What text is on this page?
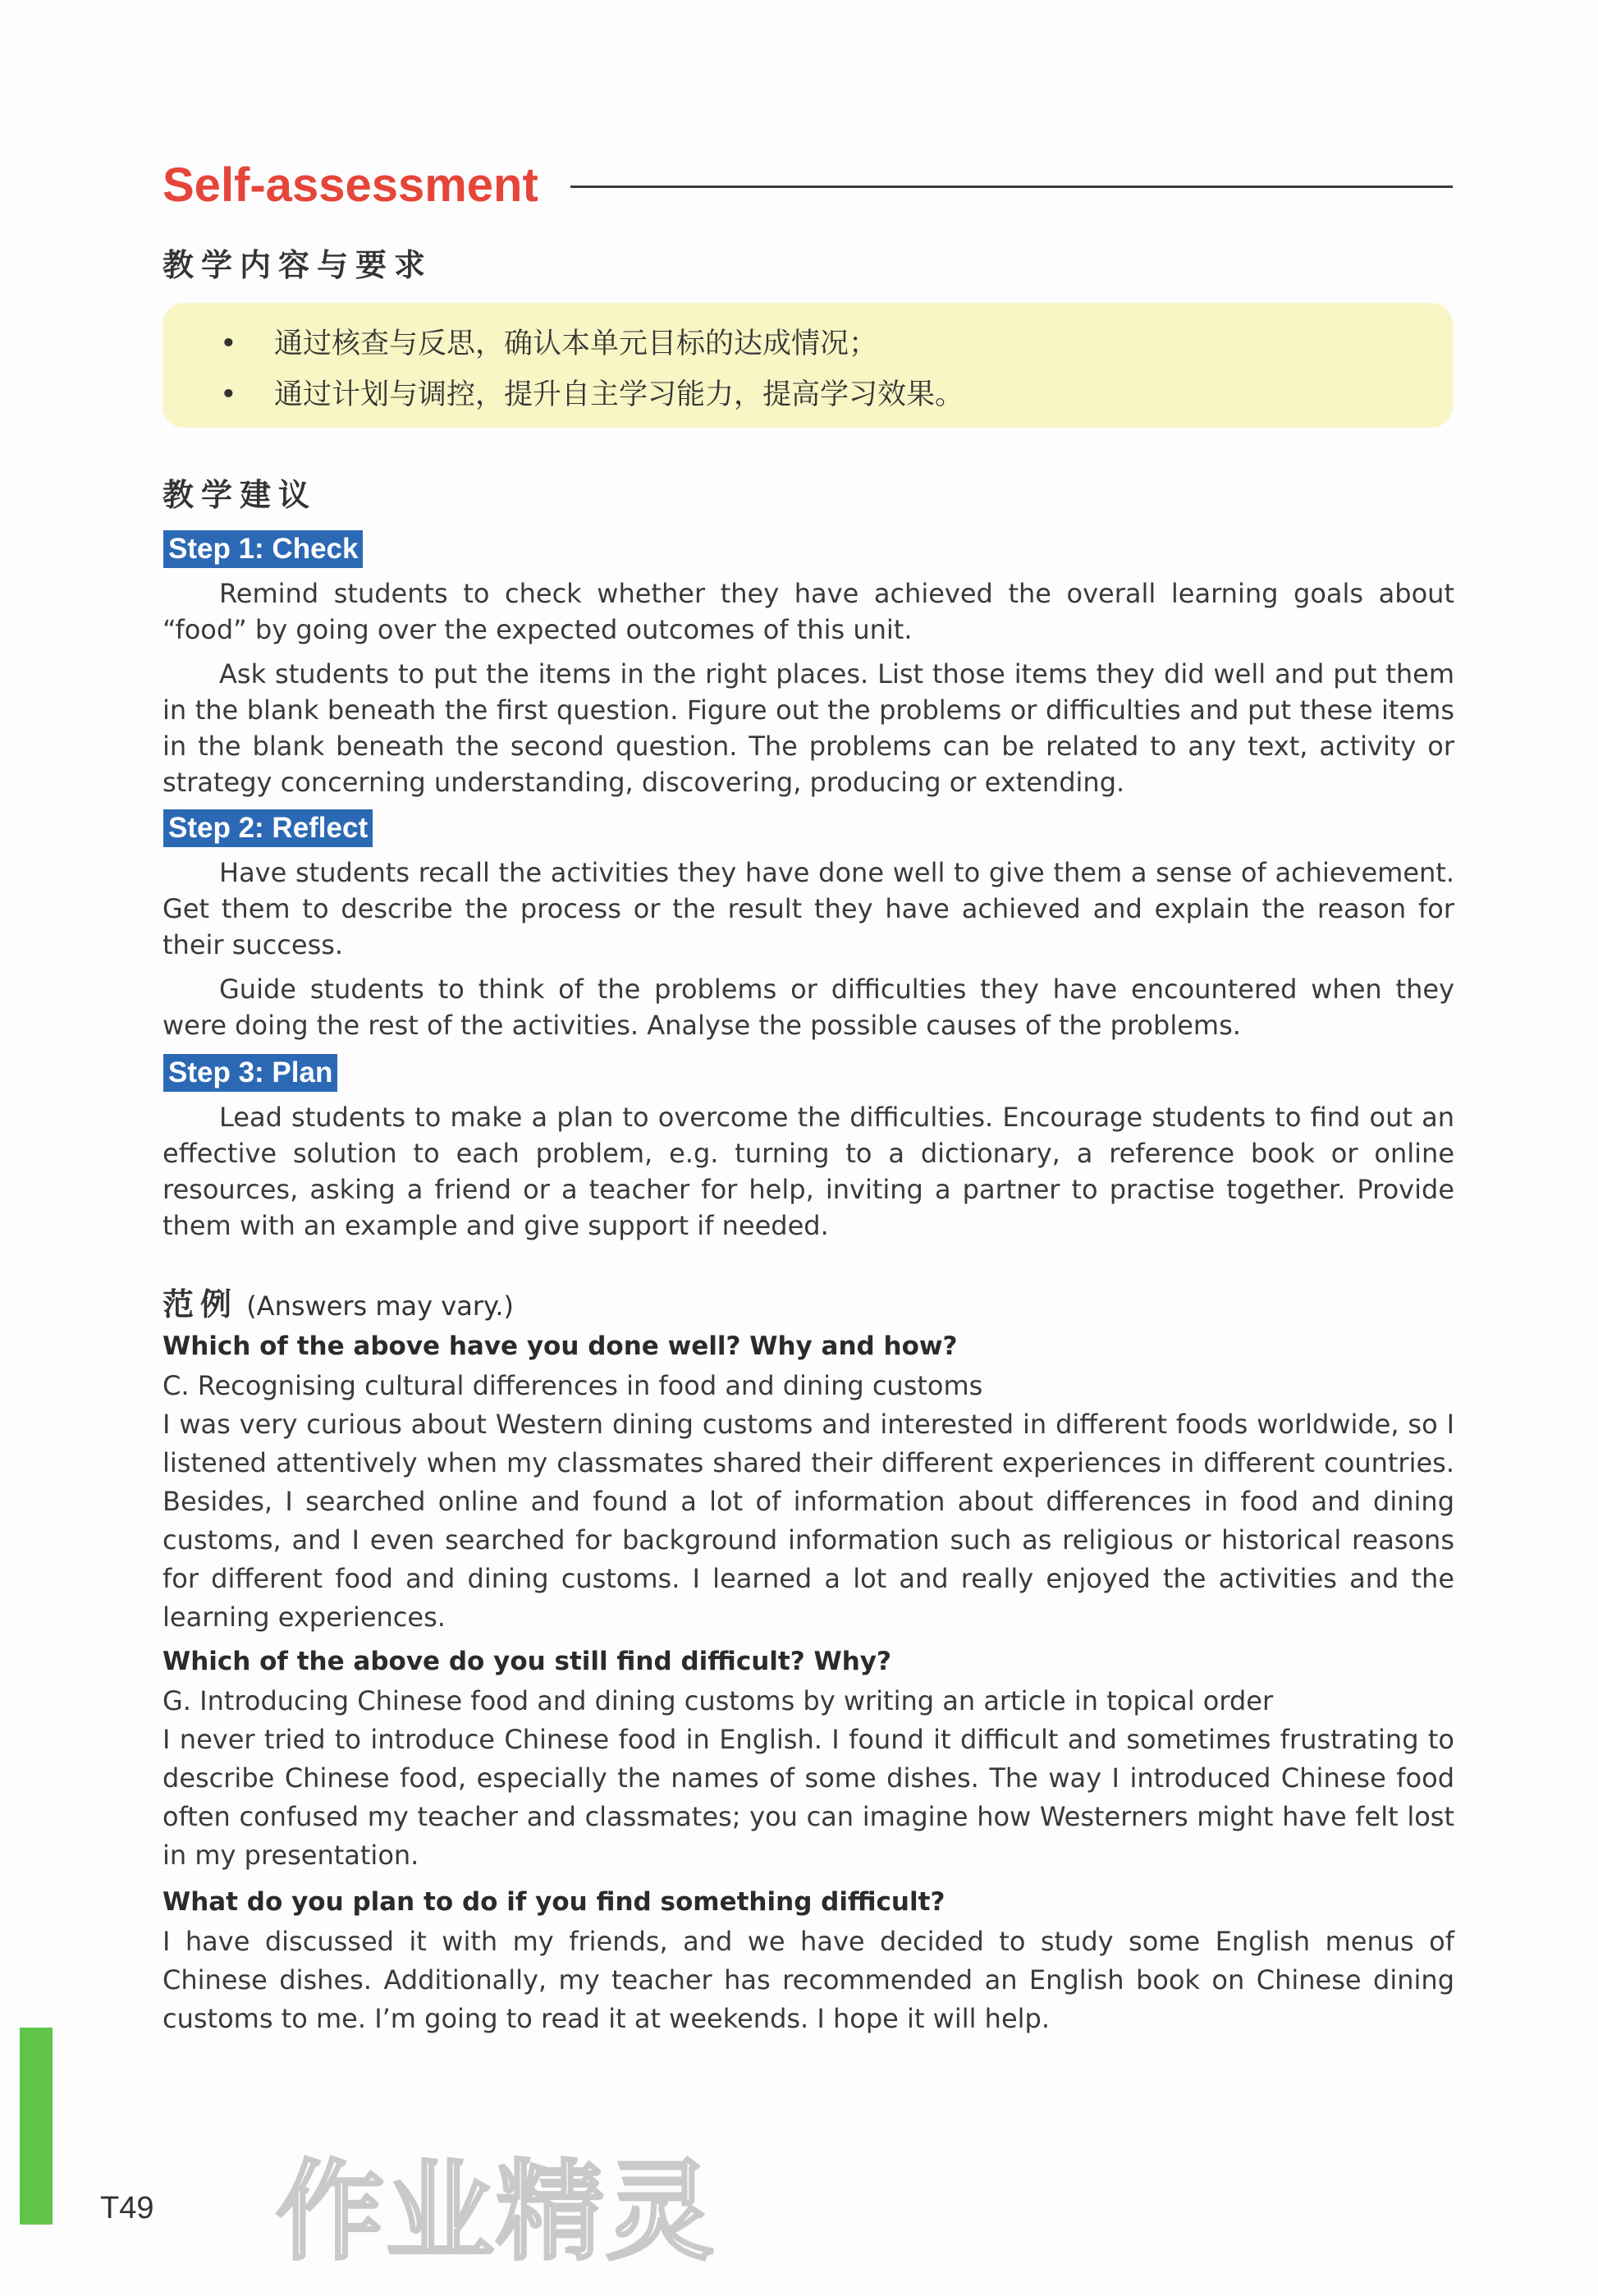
Self-assessment
教学内容与要求
• 通过核查与反思，确认本单元目标的达成情况；
• 通过计划与调控，提升自主学习能力，提高学习效果。
教学建议
Step 1: Check

Remind students to check whether they have achieved the overall learning goals about “food” by going over the expected outcomes of this unit.

Ask students to put the items in the right places. List those items they did well and put them in the blank beneath the first question. Figure out the problems or difficulties and put these items in the blank beneath the second question. The problems can be related to any text, activity or strategy concerning understanding, discovering, producing or extending.

Step 2: Reflect

Have students recall the activities they have done well to give them a sense of achievement. Get them to describe the process or the result they have achieved and explain the reason for their success.

Guide students to think of the problems or difficulties they have encountered when they were doing the rest of the activities. Analyse the possible causes of the problems.

Step 3: Plan

Lead students to make a plan to overcome the difficulties. Encourage students to find out an effective solution to each problem, e.g. turning to a dictionary, a reference book or online resources, asking a friend or a teacher for help, inviting a partner to practise together. Provide them with an example and give support if needed.

范例 (Answers may vary.)
Which of the above have you done well? Why and how?
C. Recognising cultural differences in food and dining customs

I was very curious about Western dining customs and interested in different foods worldwide, so I listened attentively when my classmates shared their different experiences in different countries. Besides, I searched online and found a lot of information about differences in food and dining customs, and I even searched for background information such as religious or historical reasons for different food and dining customs. I learned a lot and really enjoyed the activities and the learning experiences.

Which of the above do you still find difficult? Why?
G. Introducing Chinese food and dining customs by writing an article in topical order

I never tried to introduce Chinese food in English. I found it difficult and sometimes frustrating to describe Chinese food, especially the names of some dishes. The way I introduced Chinese food often confused my teacher and classmates; you can imagine how Westerners might have felt lost in my presentation.

What do you plan to do if you find something difficult?

I have discussed it with my friends, and we have decided to study some English menus of Chinese dishes. Additionally, my teacher has recommended an English book on Chinese dining customs to me. I’m going to read it at weekends. I hope it will help.

T49 作业精灵
